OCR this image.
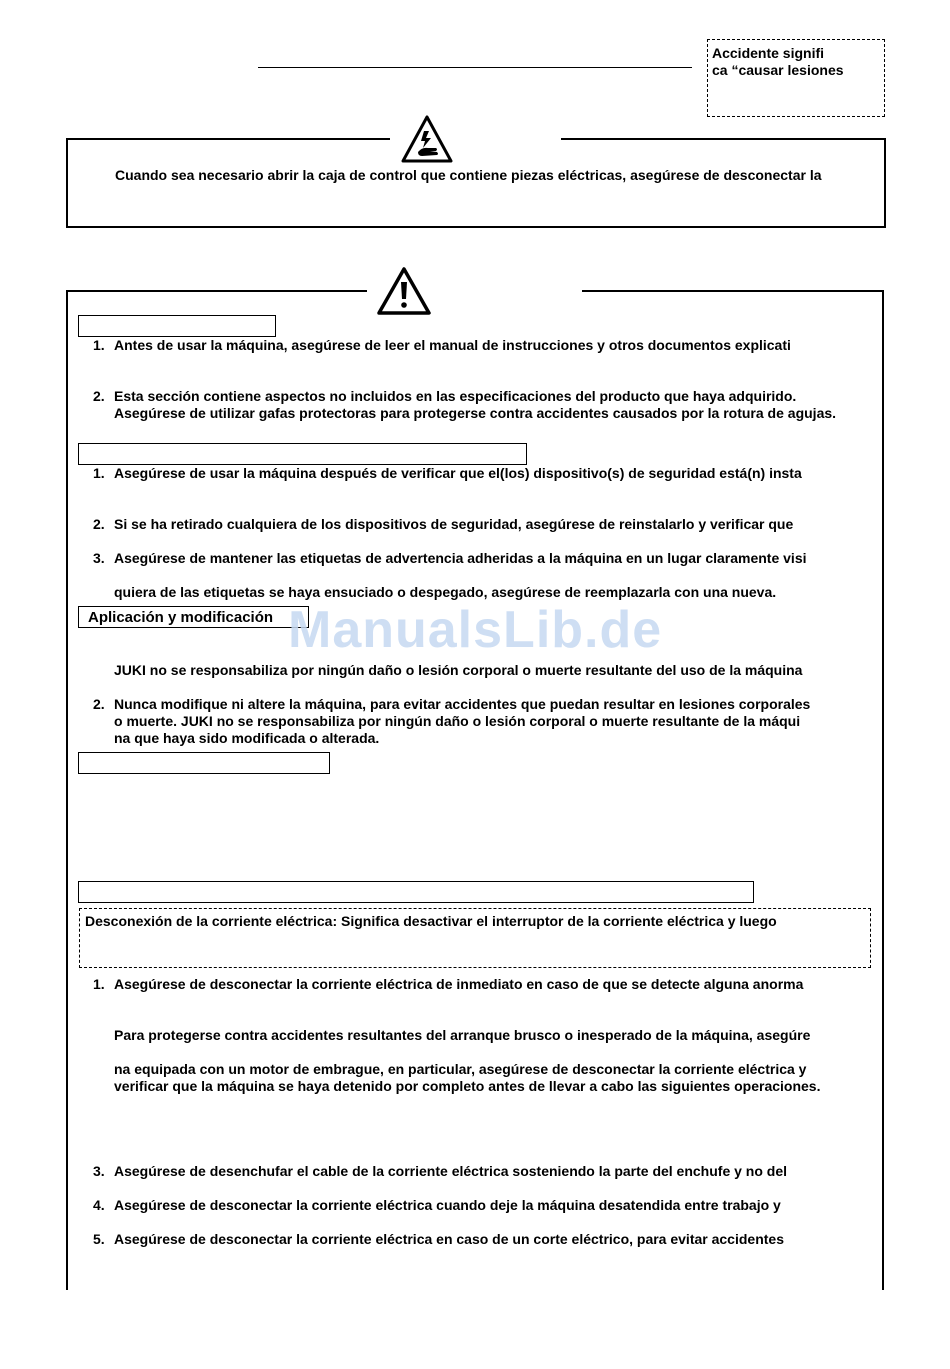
Accidente signifi
ca “causar lesiones
Cuando sea necesario abrir la caja de control que contiene piezas eléctricas, asegúrese de desconectar la
1. Antes de usar la máquina, asegúrese de leer el manual de instrucciones y otros documentos explicati
2. Esta sección contiene aspectos no incluidos en las especificaciones del producto que haya adquirido.
Asegúrese de utilizar gafas protectoras para protegerse contra accidentes causados por la rotura de agujas.
1. Asegúrese de usar la máquina después de verificar que el(los) dispositivo(s) de seguridad está(n) insta
2. Si se ha retirado cualquiera de los dispositivos de seguridad, asegúrese de reinstalarlo y verificar que
3. Asegúrese de mantener las etiquetas de advertencia adheridas a la máquina en un lugar claramente visi
quiera de las etiquetas se haya ensuciado o despegado, asegúrese de reemplazarla con una nueva.
Aplicación y modificación
JUKI no se responsabiliza por ningún daño o lesión corporal o muerte resultante del uso de la máquina
2. Nunca modifique ni altere la máquina, para evitar accidentes que puedan resultar en lesiones corporales
o muerte. JUKI no se responsabiliza por ningún daño o lesión corporal o muerte resultante de la máqui
na que haya sido modificada o alterada.
Desconexión de la corriente eléctrica: Significa desactivar el interruptor de la corriente eléctrica y luego
1. Asegúrese de desconectar la corriente eléctrica de inmediato en caso de que se detecte alguna anorma
Para protegerse contra accidentes resultantes del arranque brusco o inesperado de la máquina, asegúre
na equipada con un motor de embrague, en particular, asegúrese de desconectar la corriente eléctrica y
verificar que la máquina se haya detenido por completo antes de llevar a cabo las siguientes operaciones.
3. Asegúrese de desenchufar el cable de la corriente eléctrica sosteniendo la parte del enchufe y no del
4. Asegúrese de desconectar la corriente eléctrica cuando deje la máquina desatendida entre trabajo y
5. Asegúrese de desconectar la corriente eléctrica en caso de un corte eléctrico, para evitar accidentes
ManualsLib.de
